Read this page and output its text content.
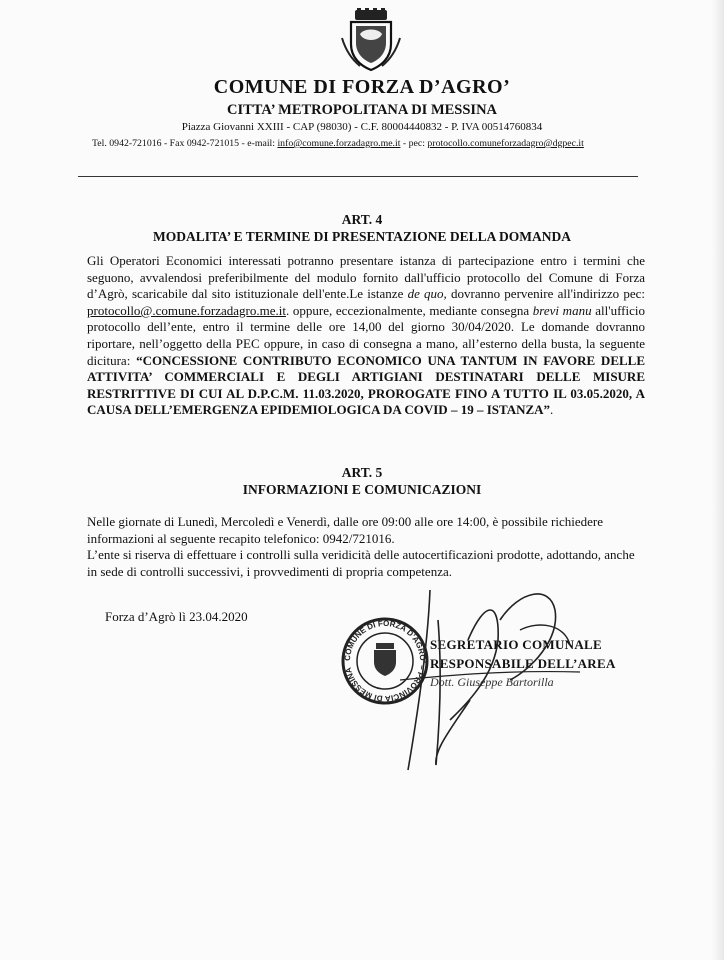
COMUNE DI FORZA D’AGRO’
CITTA’ METROPOLITANA DI MESSINA
Piazza Giovanni XXIII - CAP (98030) - C.F. 80004440832 - P. IVA 00514760834
Tel. 0942-721016 - Fax 0942-721015 - e-mail: info@comune.forzadagro.me.it - pec: protocollo.comuneforzadagro@dgpec.it
ART. 4
MODALITA’ E TERMINE DI PRESENTAZIONE DELLA DOMANDA
Gli Operatori Economici interessati potranno presentare istanza di partecipazione entro i termini che seguono, avvalendosi preferibilmente del modulo fornito dall'ufficio protocollo del Comune di Forza d’Agrò, scaricabile dal sito istituzionale dell'ente.Le istanze de quo, dovranno pervenire all'indirizzo pec: protocollo@.comune.forzadagro.me.it. oppure, eccezionalmente, mediante consegna brevi manu all'ufficio protocollo dell’ente, entro il termine delle ore 14,00 del giorno 30/04/2020. Le domande dovranno riportare, nell’oggetto della PEC oppure, in caso di consegna a mano, all’esterno della busta, la seguente dicitura: “CONCESSIONE CONTRIBUTO ECONOMICO UNA TANTUM IN FAVORE DELLE ATTIVITA’ COMMERCIALI E DEGLI ARTIGIANI DESTINATARI DELLE MISURE RESTRITTIVE DI CUI AL D.P.C.M. 11.03.2020, PROROGATE FINO A TUTTO IL 03.05.2020, A CAUSA DELL’EMERGENZA EPIDEMIOLOGICA DA COVID – 19 – ISTANZA”.
ART. 5
INFORMAZIONI E COMUNICAZIONI
Nelle giornate di Lunedì, Mercoledì e Venerdì, dalle ore 09:00 alle ore 14:00, è possibile richiedere informazioni al seguente recapito telefonico: 0942/721016.
L’ente si riserva di effettuare i controlli sulla veridicità delle autocertificazioni prodotte, adottando, anche in sede di controlli successivi, i provvedimenti di propria competenza.
Forza d’Agrò lì 23.04.2020
COMUNE DI FORZA D’AGRO’ – PROVINCIA DI MESSINA
SEGRETARIO COMUNALE
RESPONSABILE DELL’AREA
Dott. Giuseppe Bartorilla
